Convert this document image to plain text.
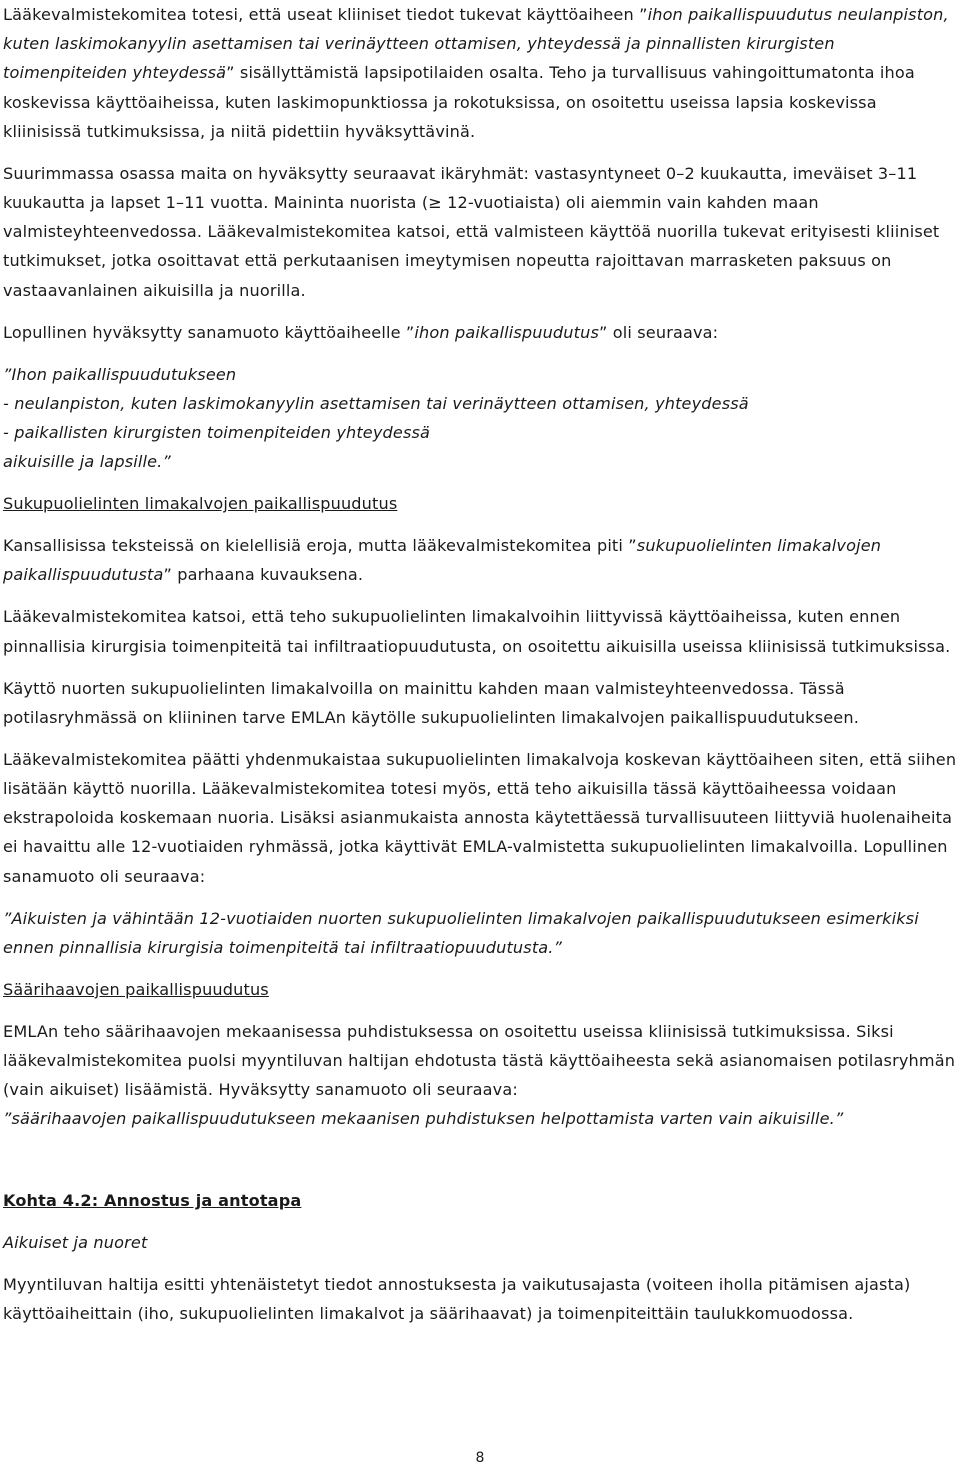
Lääkevalmistekomitea totesi, että useat kliiniset tiedot tukevat käyttöaiheen ”ihon paikallispuudutus neulanpiston, kuten laskimokanyylin asettamisen tai verinäytteen ottamisen, yhteydessä ja pinnallisten kirurgisten toimenpiteiden yhteydessä” sisällyttämistä lapsipotilaiden osalta. Teho ja turvallisuus vahingoittumatonta ihoa koskevissa käyttöaiheissa, kuten laskimopunktiossa ja rokotuksissa, on osoitettu useissa lapsia koskevissa kliinisissä tutkimuksissa, ja niitä pidettiin hyväksyttävinä.

Suurimmassa osassa maita on hyväksytty seuraavat ikäryhmät: vastasyntyneet 0–2 kuukautta, imeväiset 3–11 kuukautta ja lapset 1–11 vuotta. Maininta nuorista (≥ 12-vuotiaista) oli aiemmin vain kahden maan valmisteyhteenvedossa. Lääkevalmistekomitea katsoi, että valmisteen käyttöä nuorilla tukevat erityisesti kliiniset tutkimukset, jotka osoittavat että perkutaanisen imeytymisen nopeutta rajoittavan marrasketen paksuus on vastaavanlainen aikuisilla ja nuorilla.

Lopullinen hyväksytty sanamuoto käyttöaiheelle ”ihon paikallispuudutus” oli seuraava:

”Ihon paikallispuudutukseen
- neulanpiston, kuten laskimokanyylin asettamisen tai verinäytteen ottamisen, yhteydessä
- paikallisten kirurgisten toimenpiteiden yhteydessä
aikuisille ja lapsille.”

Sukupuolielinten limakalvojen paikallispuudutus

Kansallisissa teksteissä on kielellisiä eroja, mutta lääkevalmistekomitea piti ”sukupuolielinten limakalvojen paikallispuudutusta” parhaana kuvauksena.

Lääkevalmistekomitea katsoi, että teho sukupuolielinten limakalvoihin liittyvissä käyttöaiheissa, kuten ennen pinnallisia kirurgisia toimenpiteitä tai infiltraatiopuudutusta, on osoitettu aikuisilla useissa kliinisissä tutkimuksissa.

Käyttö nuorten sukupuolielinten limakalvoilla on mainittu kahden maan valmisteyhteenvedossa. Tässä potilasryhmässä on kliininen tarve EMLAn käytölle sukupuolielinten limakalvojen paikallispuudutukseen.

Lääkevalmistekomitea päätti yhdenmukaistaa sukupuolielinten limakalvoja koskevan käyttöaiheen siten, että siihen lisätään käyttö nuorilla. Lääkevalmistekomitea totesi myös, että teho aikuisilla tässä käyttöaiheessa voidaan ekstrapoloida koskemaan nuoria. Lisäksi asianmukaista annosta käytettäessä turvallisuuteen liittyviä huolenaiheita ei havaittu alle 12-vuotiaiden ryhmässä, jotka käyttivät EMLA-valmistetta sukupuolielinten limakalvoilla. Lopullinen sanamuoto oli seuraava:

”Aikuisten ja vähintään 12-vuotiaiden nuorten sukupuolielinten limakalvojen paikallispuudutukseen esimerkiksi ennen pinnallisia kirurgisia toimenpiteitä tai infiltraatiopuudutusta.”

Säärihaavojen paikallispuudutus

EMLAn teho säärihaavojen mekaanisessa puhdistuksessa on osoitettu useissa kliinisissä tutkimuksissa. Siksi lääkevalmistekomitea puolsi myyntiluvan haltijan ehdotusta tästä käyttöaiheesta sekä asianomaisen potilasryhmän (vain aikuiset) lisäämistä. Hyväksytty sanamuoto oli seuraava:
”säärihaavojen paikallispuudutukseen mekaanisen puhdistuksen helpottamista varten vain aikuisille.”

Kohta 4.2: Annostus ja antotapa

Aikuiset ja nuoret

Myyntiluvan haltija esitti yhtenäistetyt tiedot annostuksesta ja vaikutusajasta (voiteen iholla pitämisen ajasta) käyttöaiheittain (iho, sukupuolielinten limakalvot ja säärihaavat) ja toimenpiteittäin taulukkomuodossa.

8
